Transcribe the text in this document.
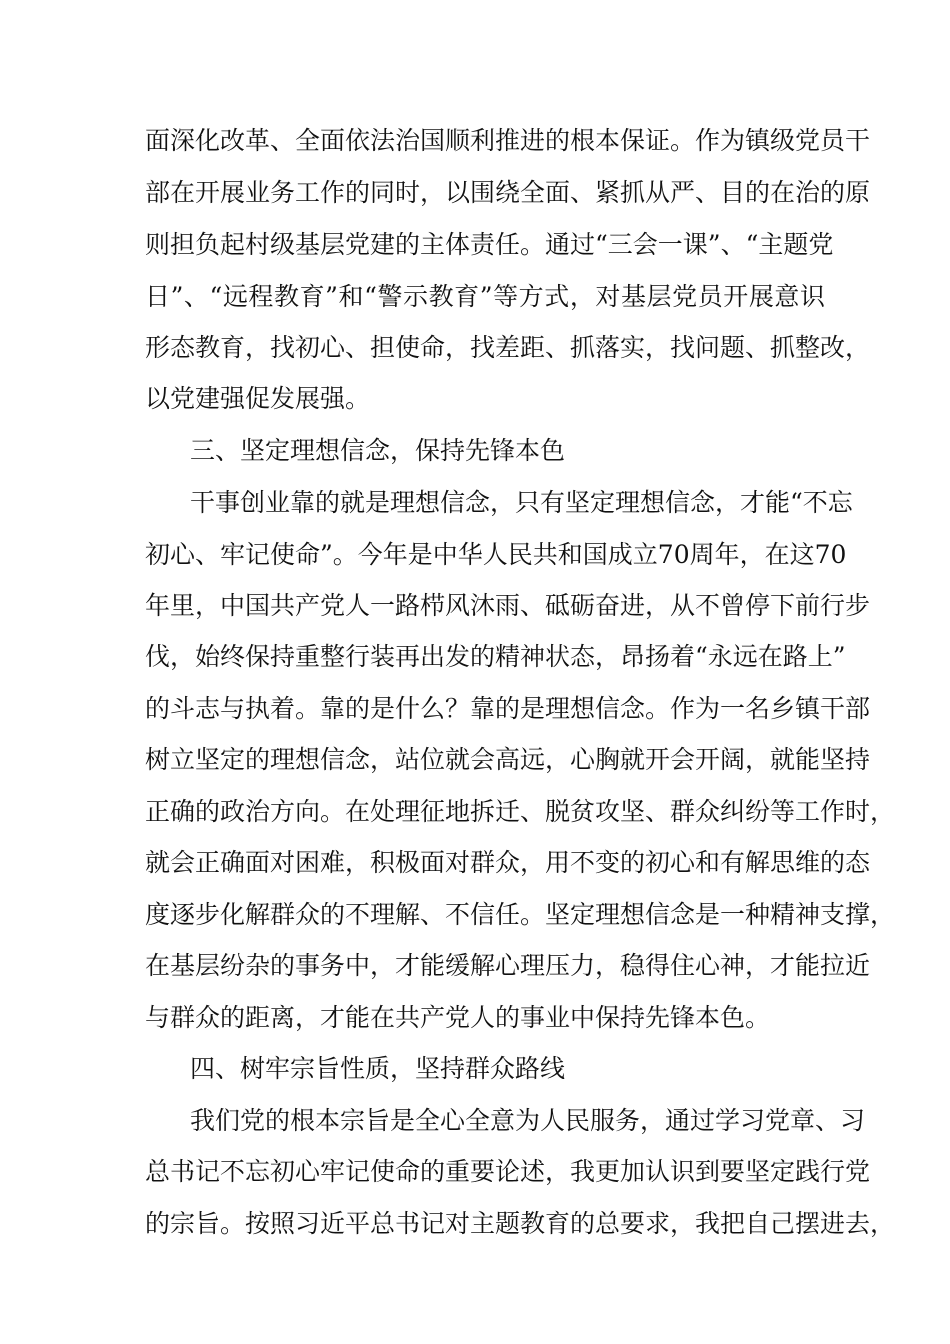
面深化改革、全面依法治国顺利推进的根本保证。作为镇级党员干
部在开展业务工作的同时，以围绕全面、紧抓从严、目的在治的原
则担负起村级基层党建的主体责任。通过“三会一课”、“主题党
日”、“远程教育”和“警示教育”等方式，对基层党员开展意识
形态教育，找初心、担使命，找差距、抓落实，找问题、抓整改，
以党建强促发展强。
三、坚定理想信念，保持先锋本色
干事创业靠的就是理想信念，只有坚定理想信念，才能“不忘
初心、牢记使命”。今年是中华人民共和国成立70周年，在这70
年里，中国共产党人一路栉风沐雨、砥砺奋进，从不曾停下前行步
伐，始终保持重整行装再出发的精神状态，昂扬着“永远在路上”
的斗志与执着。靠的是什么？靠的是理想信念。作为一名乡镇干部
树立坚定的理想信念，站位就会高远，心胸就开会开阔，就能坚持
正确的政治方向。在处理征地拆迁、脱贫攻坚、群众纠纷等工作时，
就会正确面对困难，积极面对群众，用不变的初心和有解思维的态
度逐步化解群众的不理解、不信任。坚定理想信念是一种精神支撑，
在基层纷杂的事务中，才能缓解心理压力，稳得住心神，才能拉近
与群众的距离，才能在共产党人的事业中保持先锋本色。
四、树牢宗旨性质，坚持群众路线
我们党的根本宗旨是全心全意为人民服务，通过学习党章、习
总书记不忘初心牢记使命的重要论述，我更加认识到要坚定践行党
的宗旨。按照习近平总书记对主题教育的总要求，我把自己摆进去，
